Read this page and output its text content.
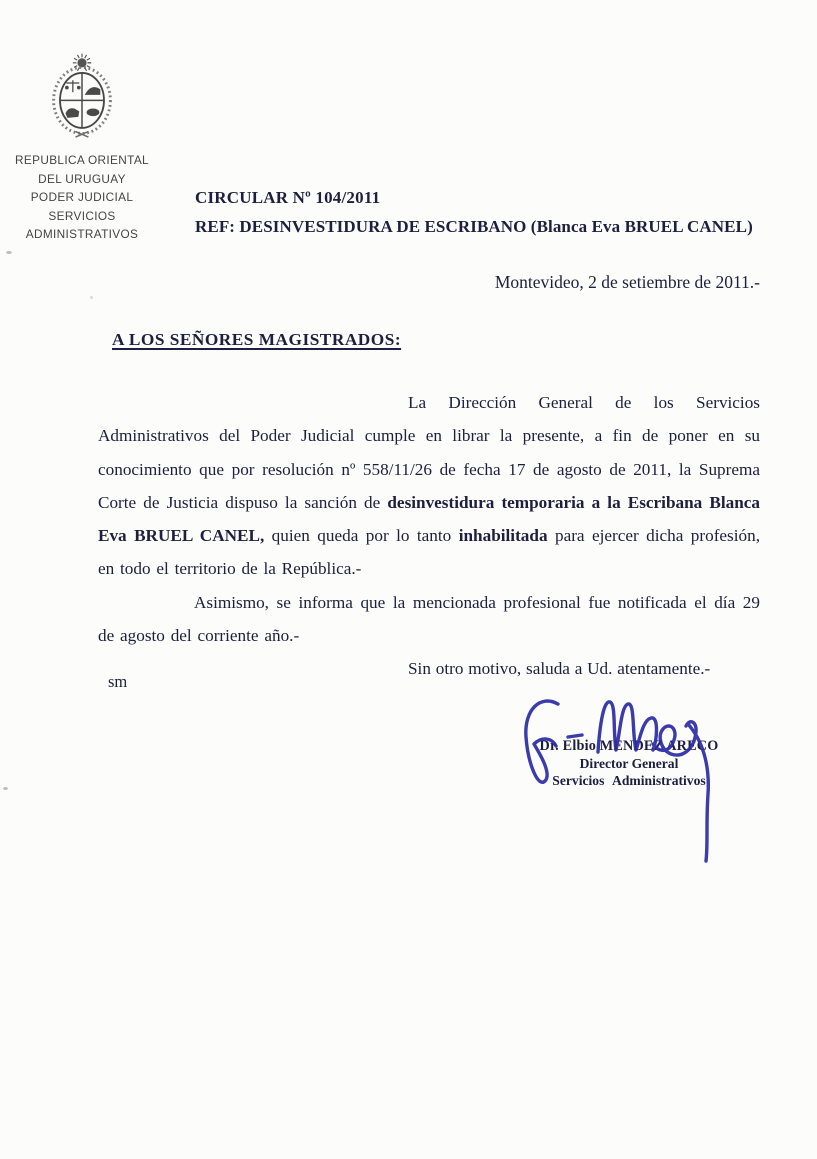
REPUBLICA ORIENTAL
DEL URUGUAY
PODER JUDICIAL
SERVICIOS
ADMINISTRATIVOS
CIRCULAR Nº 104/2011
REF: DESINVESTIDURA DE ESCRIBANO (Blanca Eva BRUEL CANEL)
Montevideo, 2 de setiembre de 2011.-
A LOS SEÑORES MAGISTRADOS:

La Dirección General de los Servicios Administrativos del Poder Judicial cumple en librar la presente, a fin de poner en su conocimiento que por resolución nº 558/11/26 de fecha 17 de agosto de 2011, la Suprema Corte de Justicia dispuso la sanción de desinvestidura temporaria a la Escribana Blanca Eva BRUEL CANEL, quien queda por lo tanto inhabilitada para ejercer dicha profesión, en todo el territorio de la República.-

Asimismo, se informa que la mencionada profesional fue notificada el día 29 de agosto del corriente año.-

Sin otro motivo, saluda a Ud. atentamente.-

sm
Dr. Elbio MENDEZ ARECO
Director General
Servicios Administrativos
